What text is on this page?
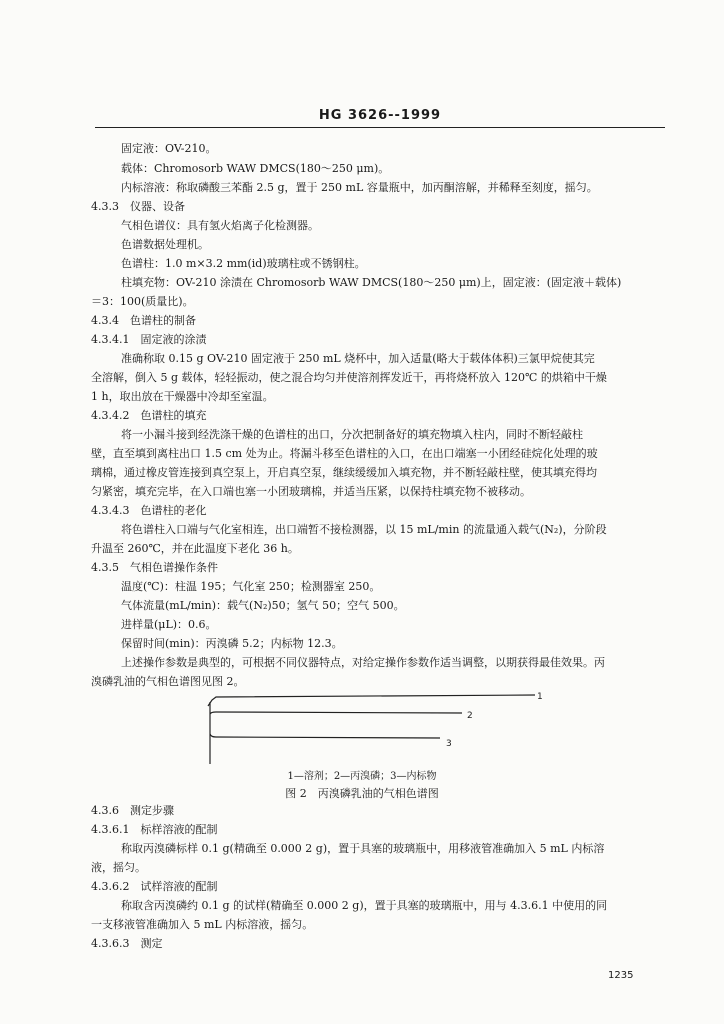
HG 3626--1999
固定液：OV-210。
载体：Chromosorb WAW DMCS(180～250 μm)。
内标溶液：称取磷酸三苯酯 2.5 g，置于 250 mL 容量瓶中，加丙酮溶解，并稀释至刻度，摇匀。
4.3.3　仪器、设备
气相色谱仪：具有氢火焰离子化检测器。
色谱数据处理机。
色谱柱：1.0 m×3.2 mm(id)玻璃柱或不锈钢柱。
柱填充物：OV-210 涂渍在 Chromosorb WAW DMCS(180～250 μm)上，固定液：(固定液＋载体)
＝3：100(质量比)。
4.3.4　色谱柱的制备
4.3.4.1　固定液的涂渍
准确称取 0.15 g OV-210 固定液于 250 mL 烧杯中，加入适量(略大于载体体积)三氯甲烷使其完
全溶解，倒入 5 g 载体，轻轻振动，使之混合均匀并使溶剂挥发近干，再将烧杯放入 120℃ 的烘箱中干燥
1 h，取出放在干燥器中冷却至室温。
4.3.4.2　色谱柱的填充
将一小漏斗接到经洗涤干燥的色谱柱的出口，分次把制备好的填充物填入柱内，同时不断轻敲柱
壁，直至填到离柱出口 1.5 cm 处为止。将漏斗移至色谱柱的入口，在出口端塞一小团经硅烷化处理的玻
璃棉，通过橡皮管连接到真空泵上，开启真空泵，继续缓缓加入填充物，并不断轻敲柱壁，使其填充得均
匀紧密，填充完毕，在入口端也塞一小团玻璃棉，并适当压紧，以保持柱填充物不被移动。
4.3.4.3　色谱柱的老化
将色谱柱入口端与气化室相连，出口端暂不接检测器，以 15 mL/min 的流量通入载气(N₂)，分阶段
升温至 260℃，并在此温度下老化 36 h。
4.3.5　气相色谱操作条件
温度(℃)：柱温 195；气化室 250；检测器室 250。
气体流量(mL/min)：载气(N₂)50；氢气 50；空气 500。
进样量(μL)：0.6。
保留时间(min)：丙溴磷 5.2；内标物 12.3。
上述操作参数是典型的，可根据不同仪器特点，对给定操作参数作适当调整，以期获得最佳效果。丙
溴磷乳油的气相色谱图见图 2。
1
2
3
1—溶剂；2—丙溴磷；3—内标物
图 2　丙溴磷乳油的气相色谱图
4.3.6　测定步骤
4.3.6.1　标样溶液的配制
称取丙溴磷标样 0.1 g(精确至 0.000 2 g)，置于具塞的玻璃瓶中，用移液管准确加入 5 mL 内标溶
液，摇匀。
4.3.6.2　试样溶液的配制
称取含丙溴磷约 0.1 g 的试样(精确至 0.000 2 g)，置于具塞的玻璃瓶中，用与 4.3.6.1 中使用的同
一支移液管准确加入 5 mL 内标溶液，摇匀。
4.3.6.3　测定
1235
